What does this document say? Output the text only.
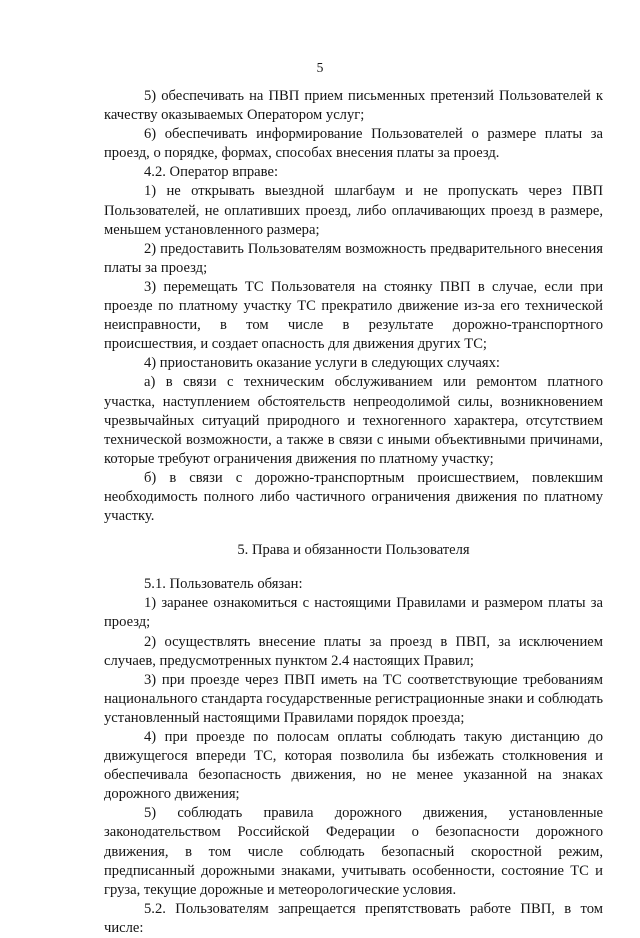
5

5) обеспечивать на ПВП прием письменных претензий Пользователей к качеству оказываемых Оператором услуг;

6) обеспечивать информирование Пользователей о размере платы за проезд, о порядке, формах, способах внесения платы за проезд.

4.2. Оператор вправе:

1) не открывать выездной шлагбаум и не пропускать через ПВП Пользователей, не оплативших проезд, либо оплачивающих проезд в размере, меньшем установленного размера;

2) предоставить Пользователям возможность предварительного внесения платы за проезд;

3) перемещать ТС Пользователя на стоянку ПВП в случае, если при проезде по платному участку ТС прекратило движение из-за его технической неисправности, в том числе в результате дорожно-транспортного происшествия, и создает опасность для движения других ТС;

4) приостановить оказание услуги в следующих случаях:

а) в связи с техническим обслуживанием или ремонтом платного участка, наступлением обстоятельств непреодолимой силы, возникновением чрезвычайных ситуаций природного и техногенного характера, отсутствием технической возможности, а также в связи с иными объективными причинами, которые требуют ограничения движения по платному участку;

б) в связи с дорожно-транспортным происшествием, повлекшим необходимость полного либо частичного ограничения движения по платному участку.

5. Права и обязанности Пользователя

5.1. Пользователь обязан:

1) заранее ознакомиться с настоящими Правилами и размером платы за проезд;

2) осуществлять внесение платы за проезд в ПВП, за исключением случаев, предусмотренных пунктом 2.4 настоящих Правил;

3) при проезде через ПВП иметь на ТС соответствующие требованиям национального стандарта государственные регистрационные знаки и соблюдать установленный настоящими Правилами порядок проезда;

4) при проезде по полосам оплаты соблюдать такую дистанцию до движущегося впереди ТС, которая позволила бы избежать столкновения и обеспечивала безопасность движения, но не менее указанной на знаках дорожного движения;

5) соблюдать правила дорожного движения, установленные законодательством Российской Федерации о безопасности дорожного движения, в том числе соблюдать безопасный скоростной режим, предписанный дорожными знаками, учитывать особенности, состояние ТС и груза, текущие дорожные и метеорологические условия.

5.2. Пользователям запрещается препятствовать работе ПВП, в том числе:
